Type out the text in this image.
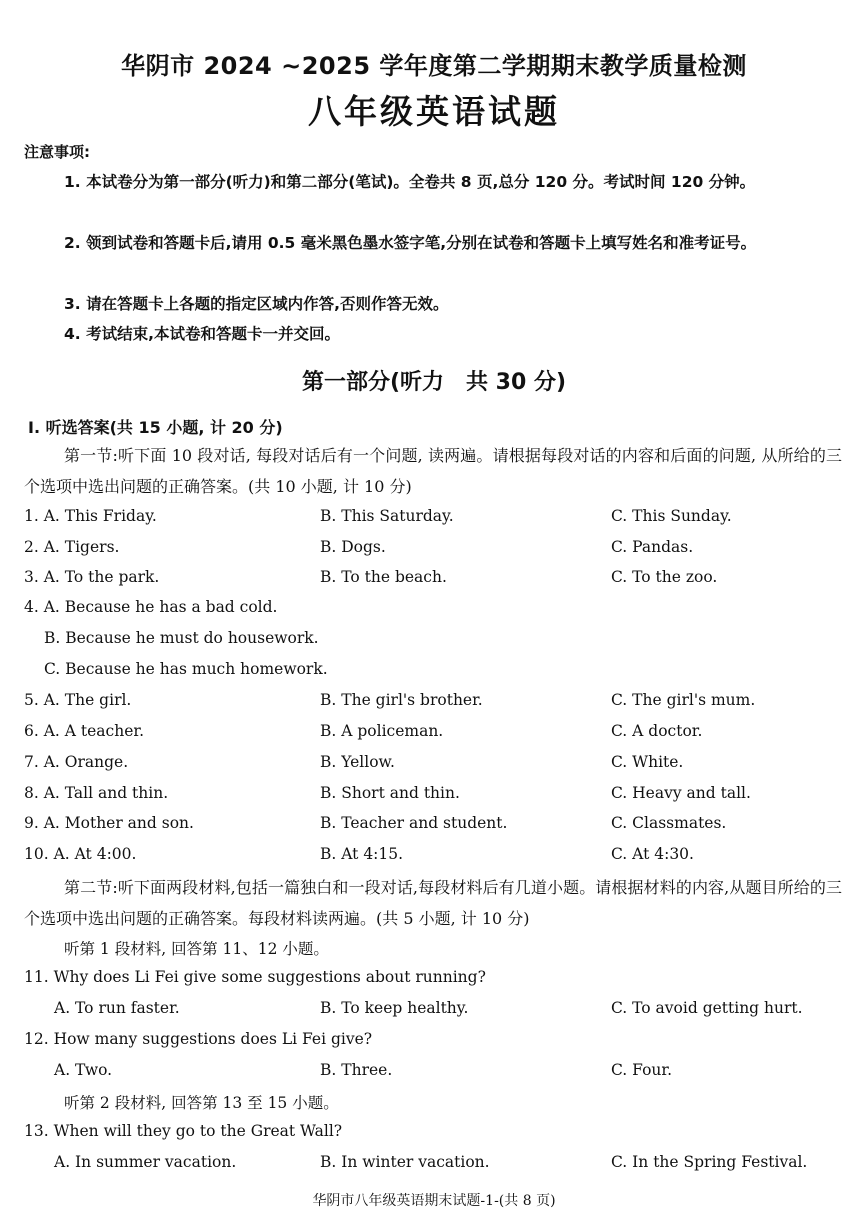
华阴市 2024 ~2025 学年度第二学期期末教学质量检测
八年级英语试题
注意事项:
1. 本试卷分为第一部分(听力)和第二部分(笔试)。全卷共 8 页,总分 120 分。考试时间 120 分钟。
2. 领到试卷和答题卡后,请用 0.5 毫米黑色墨水签字笔,分别在试卷和答题卡上填写姓名和准考证号。
3. 请在答题卡上各题的指定区域内作答,否则作答无效。
4. 考试结束,本试卷和答题卡一并交回。
第一部分(听力　共 30 分)
Ⅰ. 听选答案(共 15 小题, 计 20 分)
第一节:听下面 10 段对话, 每段对话后有一个问题, 读两遍。请根据每段对话的内容和后面的问题, 从所给的三个选项中选出问题的正确答案。(共 10 小题, 计 10 分)
1. A. This Friday.	B. This Saturday.	C. This Sunday.
2. A. Tigers.	B. Dogs.	C. Pandas.
3. A. To the park.	B. To the beach.	C. To the zoo.
4. A. Because he has a bad cold.
B. Because he must do housework.
C. Because he has much homework.
5. A. The girl.	B. The girl's brother.	C. The girl's mum.
6. A. A teacher.	B. A policeman.	C. A doctor.
7. A. Orange.	B. Yellow.	C. White.
8. A. Tall and thin.	B. Short and thin.	C. Heavy and tall.
9. A. Mother and son.	B. Teacher and student.	C. Classmates.
10. A. At 4:00.	B. At 4:15.	C. At 4:30.
第二节:听下面两段材料,包括一篇独白和一段对话,每段材料后有几道小题。请根据材料的内容,从题目所给的三个选项中选出问题的正确答案。每段材料读两遍。(共 5 小题, 计 10 分)
听第 1 段材料, 回答第 11、12 小题。
11. Why does Li Fei give some suggestions about running?
A. To run faster.	B. To keep healthy.	C. To avoid getting hurt.
12. How many suggestions does Li Fei give?
A. Two.	B. Three.	C. Four.
听第 2 段材料, 回答第 13 至 15 小题。
13. When will they go to the Great Wall?
A. In summer vacation.	B. In winter vacation.	C. In the Spring Festival.
华阴市八年级英语期末试题-1-(共 8 页)
